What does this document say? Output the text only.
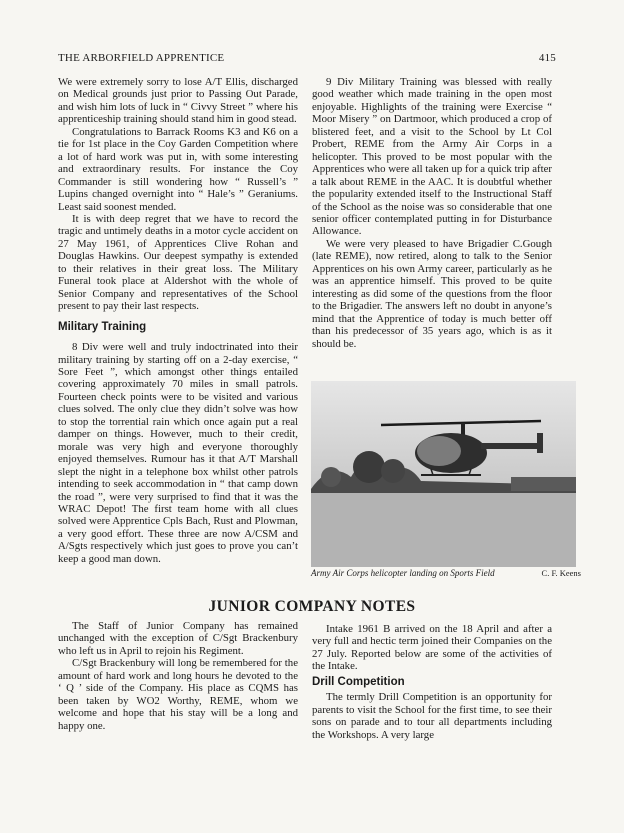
THE ARBORFIELD APPRENTICE	415

We were extremely sorry to lose A/T Ellis, discharged on Medical grounds just prior to Passing Out Parade, and wish him lots of luck in “ Civvy Street ” where his apprenticeship training should stand him in good stead.

Congratulations to Barrack Rooms K3 and K6 on a tie for 1st place in the Coy Garden Competition where a lot of hard work was put in, with some interesting and extraordinary results. For instance the Coy Commander is still wondering how “ Russell’s ” Lupins changed overnight into “ Hale’s ” Geraniums. Least said soonest mended.

It is with deep regret that we have to record the tragic and untimely deaths in a motor cycle accident on 27 May 1961, of Apprentices Clive Rohan and Douglas Hawkins. Our deepest sympathy is extended to their relatives in their great loss. The Military Funeral took place at Aldershot with the whole of Senior Company and representatives of the School present to pay their last respects.

Military Training

8 Div were well and truly indoctrinated into their military training by starting off on a 2-day exercise, “ Sore Feet ”, which amongst other things entailed covering approximately 70 miles in small patrols. Fourteen check points were to be visited and various clues solved. The only clue they didn’t solve was how to stop the torrential rain which once again put a real damper on things. However, much to their credit, morale was very high and everyone thoroughly enjoyed themselves. Rumour has it that A/T Marshall slept the night in a telephone box whilst other patrols intending to seek accommodation in “ that camp down the road ”, were very surprised to find that it was the WRAC Depot! The first team home with all clues solved were Apprentice Cpls Bach, Rust and Plowman, a very good effort. These three are now A/CSM and A/Sgts respectively which just goes to prove you can’t keep a good man down.

9 Div Military Training was blessed with really good weather which made training in the open most enjoyable. Highlights of the training were Exercise “ Moor Misery ” on Dartmoor, which produced a crop of blistered feet, and a visit to the School by Lt Col Probert, REME from the Army Air Corps in a helicopter. This proved to be most popular with the Apprentices who were all taken up for a quick trip after a talk about REME in the AAC. It is doubtful whether the popularity extended itself to the Instructional Staff of the School as the noise was so considerable that one senior officer contemplated putting in for Disturbance Allowance.

We were very pleased to have Brigadier C.Gough (late REME), now retired, along to talk to the Senior Apprentices on his own Army career, particularly as he was an apprentice himself. This proved to be quite interesting as did some of the questions from the floor to the Brigadier. The answers left no doubt in anyone’s mind that the Apprentice of today is much better off than his predecessor of 35 years ago, which is as it should be.

Army Air Corps helicopter landing on Sports Field	C. F. Keens
JUNIOR COMPANY NOTES

The Staff of Junior Company has remained unchanged with the exception of C/Sgt Brackenbury who left us in April to rejoin his Regiment.

C/Sgt Brackenbury will long be remembered for the amount of hard work and long hours he devoted to the ‘ Q ’ side of the Company. His place as CQMS has been taken by WO2 Worthy, REME, whom we welcome and hope that his stay will be a long and happy one.

Intake 1961 B arrived on the 18 April and after a very full and hectic term joined their Companies on the 27 July. Reported below are some of the activities of the Intake.

Drill Competition

The termly Drill Competition is an opportunity for parents to visit the School for the first time, to see their sons on parade and to tour all departments including the Workshops. A very large
